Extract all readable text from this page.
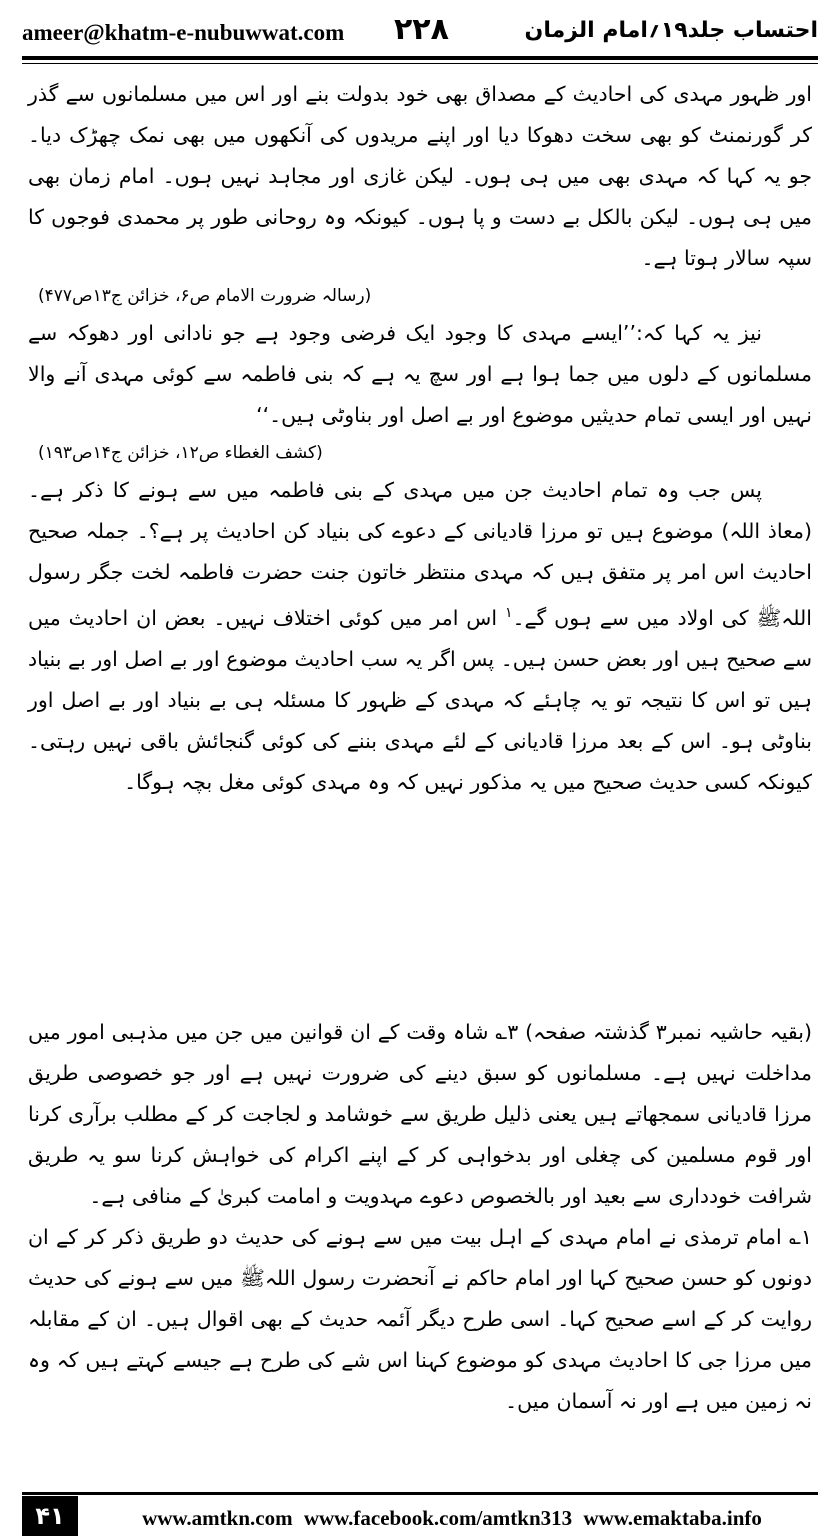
ameer@khatm-e-nubuwwat.com ۲۲۸	احتساب جلد۱۹؍امام الزمان

اور ظہور مہدی کی احادیث کے مصداق بھی خود بدولت بنے اور اس میں مسلمانوں سے گذر کر گورنمنٹ کو بھی سخت دھوکا دیا اور اپنے مریدوں کی آنکھوں میں بھی نمک چھڑک دیا۔ جو یہ کہا کہ مہدی بھی میں ہی ہوں۔ لیکن غازی اور مجاہد نہیں ہوں۔ امام زمان بھی میں ہی ہوں۔ لیکن بالکل بے دست و پا ہوں۔ کیونکہ وہ روحانی طور پر محمدی فوجوں کا سپہ سالار ہوتا ہے۔

(رسالہ ضرورت الامام ص۶، خزائن ج۱۳ص۴۷۷)

نیز یہ کہا کہ:’’ایسے مہدی کا وجود ایک فرضی وجود ہے جو نادانی اور دھوکہ سے مسلمانوں کے دلوں میں جما ہوا ہے اور سچ یہ ہے کہ بنی فاطمہ سے کوئی مہدی آنے والا نہیں اور ایسی تمام حدیثیں موضوع اور بے اصل اور بناوٹی ہیں۔‘‘

(کشف الغطاء ص۱۲، خزائن ج۱۴ص۱۹۳)

پس جب وہ تمام احادیث جن میں مہدی کے بنی فاطمہ میں سے ہونے کا ذکر ہے۔ (معاذ اللہ) موضوع ہیں تو مرزا قادیانی کے دعوے کی بنیاد کن احادیث پر ہے؟۔ جملہ صحیح احادیث اس امر پر متفق ہیں کہ مہدی منتظر خاتون جنت حضرت فاطمہ لخت جگر رسول اللہﷺ کی اولاد میں سے ہوں گے۔$^۱$ اس امر میں کوئی اختلاف نہیں۔ بعض ان احادیث میں سے صحیح ہیں اور بعض حسن ہیں۔ پس اگر یہ سب احادیث موضوع اور بے اصل اور بے بنیاد ہیں تو اس کا نتیجہ تو یہ چاہئے کہ مہدی کے ظہور کا مسئلہ ہی بے بنیاد اور بے اصل اور بناوٹی ہو۔ اس کے بعد مرزا قادیانی کے لئے مہدی بننے کی کوئی گنجائش باقی نہیں رہتی۔ کیونکہ کسی حدیث صحیح میں یہ مذکور نہیں کہ وہ مہدی کوئی مغل بچہ ہوگا۔

(بقیہ حاشیہ نمبر۳ گذشتہ صفحہ) ۳؎ شاہ وقت کے ان قوانین میں جن میں مذہبی امور میں مداخلت نہیں ہے۔ مسلمانوں کو سبق دینے کی ضرورت نہیں ہے اور جو خصوصی طریق مرزا قادیانی سمجھاتے ہیں یعنی ذلیل طریق سے خوشامد و لجاجت کر کے مطلب برآری کرنا اور قوم مسلمین کی چغلی اور بدخواہی کر کے اپنے اکرام کی خواہش کرنا سو یہ طریق شرافت خودداری سے بعید اور بالخصوص دعوے مہدویت و امامت کبریٰ کے منافی ہے۔

۱؎ امام ترمذی نے امام مہدی کے اہل بیت میں سے ہونے کی حدیث دو طریق ذکر کر کے ان دونوں کو حسن صحیح کہا اور امام حاکم نے آنحضرت رسول اللہﷺ میں سے ہونے کی حدیث روایت کر کے اسے صحیح کہا۔ اسی طرح دیگر آئمہ حدیث کے بھی اقوال ہیں۔ ان کے مقابلہ میں مرزا جی کا احادیث مہدی کو موضوع کہنا اس شے کی طرح ہے جیسے کہتے ہیں کہ وہ نہ زمین میں ہے اور نہ آسمان میں۔

۴۱	www.amtkn.com www.facebook.com/amtkn313 www.emaktaba.info
